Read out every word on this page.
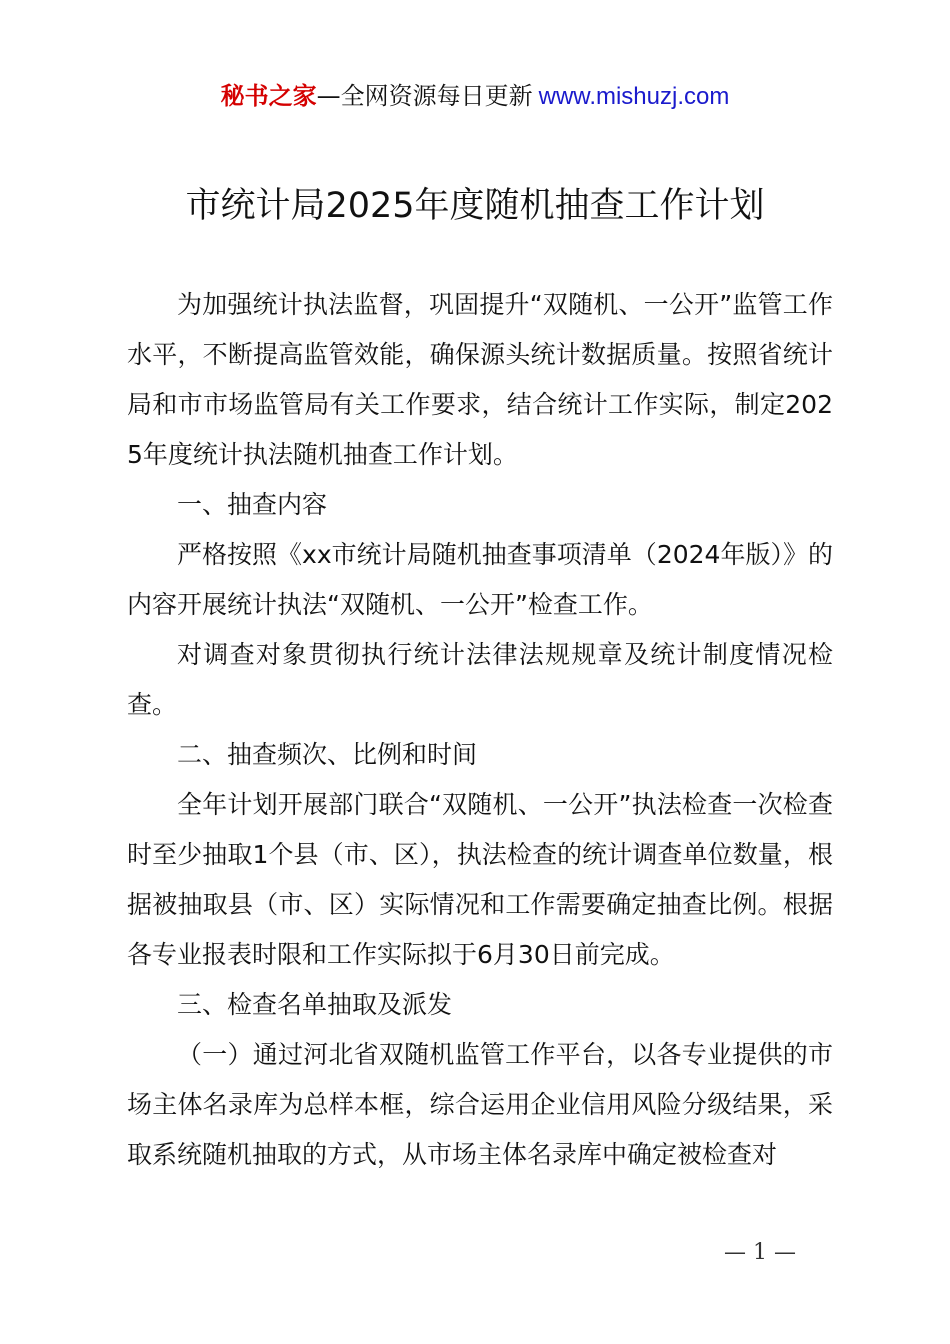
秘书之家—全网资源每日更新 www.mishuzj.com
市统计局2025年度随机抽查工作计划

为加强统计执法监督，巩固提升“双随机、一公开”监管工作水平，不断提高监管效能，确保源头统计数据质量。按照省统计局和市市场监管局有关工作要求，结合统计工作实际，制定2025年度统计执法随机抽查工作计划。

一、抽查内容

严格按照《xx市统计局随机抽查事项清单（2024年版）》的内容开展统计执法“双随机、一公开”检查工作。

对调查对象贯彻执行统计法律法规规章及统计制度情况检查。

二、抽查频次、比例和时间

全年计划开展部门联合“双随机、一公开”执法检查一次检查时至少抽取1个县（市、区），执法检查的统计调查单位数量，根据被抽取县（市、区）实际情况和工作需要确定抽查比例。根据各专业报表时限和工作实际拟于6月30日前完成。

三、检查名单抽取及派发

（一）通过河北省双随机监管工作平台，以各专业提供的市场主体名录库为总样本框，综合运用企业信用风险分级结果，采取系统随机抽取的方式，从市场主体名录库中确定被检查对

— 1 —
